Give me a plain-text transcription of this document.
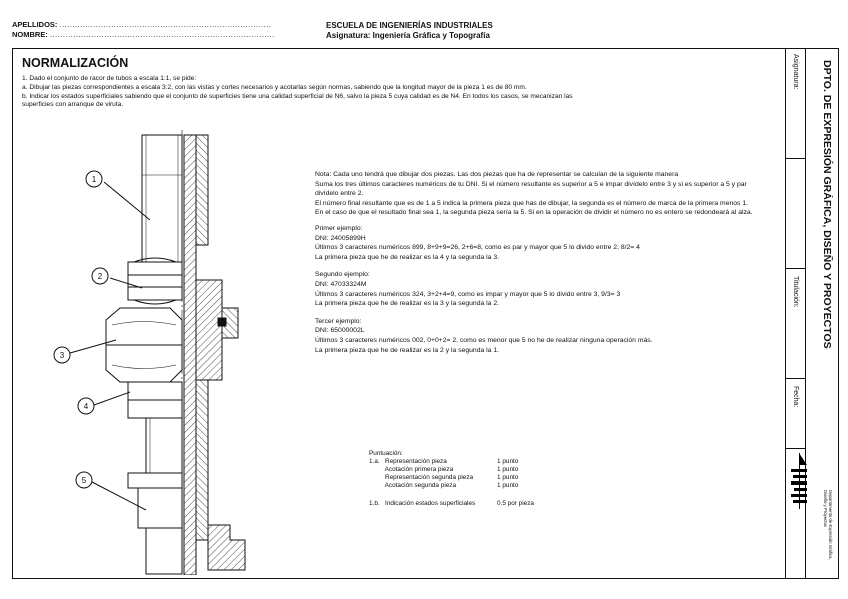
APELLIDOS: ..................................................................................
NOMBRE: .......................................................................................
ESCUELA DE INGENIERÍAS INDUSTRIALES
Asignatura: Ingeniería Gráfica y Topografía
Asignatura:
Titulación:
Fecha:
DPTO. DE EXPRESIÓN GRÁFICA, DISEÑO Y PROYECTOS
Departamento de Expresión Gráfica, Diseño y Proyectos
NORMALIZACIÓN

1. Dado el conjunto de racor de tubos a escala 1:1, se pide:

a. Dibujar las piezas correspondientes a escala 3:2, con las vistas y cortes necesarios y acotarlas según normas, sabiendo que la longitud mayor de la pieza 1 es de 80 mm.

b. Indicar los estados superficiales sabiendo que el conjunto de superficies tiene una calidad superficial de N6, salvo la pieza 5 cuya calidad es de N4. En todos los casos, se mecanizan las

superficies con arranque de viruta.

1
2
3
4
5

Nota: Cada uno tendrá que dibujar dos piezas. Las dos piezas que ha de representar se calculan de la siguiente manera
Suma los tres últimos caracteres numéricos de tu DNI. Si el número resultante es superior a 5 e impar divídelo entre 3 y si es superior a 5 y par divídelo entre 2.
El número final resultante que es de 1 a 5 indica la primera pieza que has de dibujar, la segunda es el número de marca de la primera menos 1.
En el caso de que el resultado final sea 1, la segunda pieza sería la 5. Si en la operación de dividir el número no es entero se redondeará al alza.

Primer ejemplo:
DNI: 24005899H
Últimos 3 caracteres numéricos 899, 8+9+9=26, 2+6=8, como es par y mayor que 5 lo divido entre 2, 8/2= 4
La primera pieza que he de realizar es la 4 y la segunda la 3.
Segundo ejemplo:
DNI: 47033324M
Últimos 3 caracteres numéricos 324, 3+2+4=9, como es impar y mayor que 5 lo divido entre 3, 9/3= 3
La primera pieza que he de realizar es la 3 y la segunda la 2.
Tercer ejemplo:
DNI: 65000002L
Últimos 3 caracteres numéricos 002, 0+0+2= 2, como es menor que 5 no he de realizar ninguna operación más.
La primera pieza que he de realizar es la 2 y la segunda la 1.
Puntuación:
1.a.   Representación pieza	1 punto
Acotación primera pieza	1 punto
Representación segunda pieza	1 punto
Acotación segunda pieza	1 punto

1.b.   Indicación estados superficiales	0.5 por pieza
